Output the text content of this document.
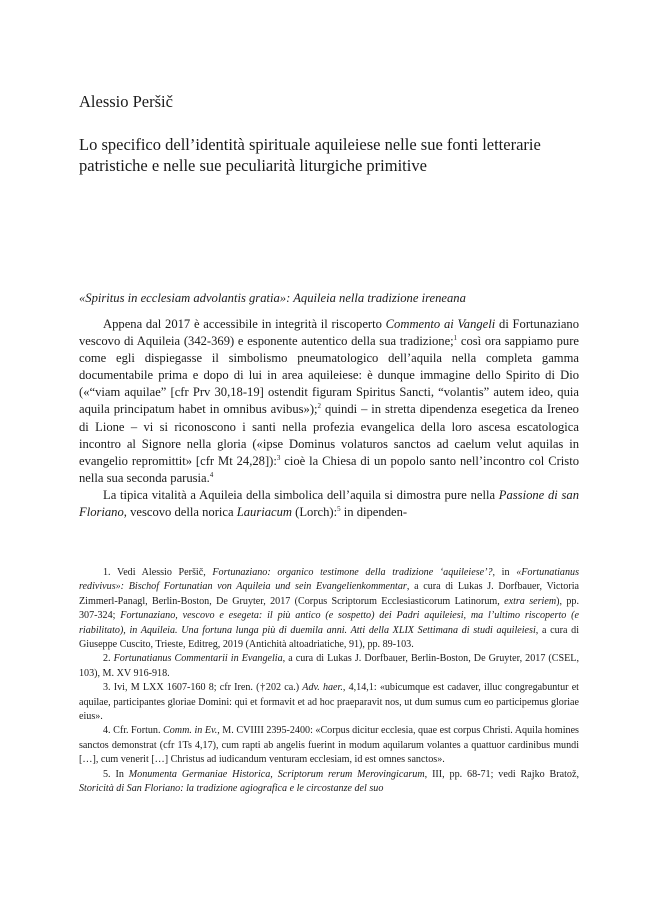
Alessio Peršič
Lo specifico dell’identità spirituale aquileiese nelle sue fonti letterarie patristiche e nelle sue peculiarità liturgiche primitive
«Spiritus in ecclesiam advolantis gratia»: Aquileia nella tradizione ireneana

Appena dal 2017 è accessibile in integrità il riscoperto Commento ai Vangeli di Fortunaziano vescovo di Aquileia (342-369) e esponente autentico della sua tradizione;$^1$ così ora sappiamo pure come egli dispiegasse il simbolismo pneumatologico dell’aquila nella completa gamma documentabile prima e dopo di lui in area aquileiese: è dunque immagine dello Spirito di Dio («“viam aquilae” [cfr Prv 30,18-19] ostendit figuram Spiritus Sancti, “volantis” autem ideo, quia aquila principatum habet in omnibus avibus»);$^2$ quindi – in stretta dipendenza esegetica da Ireneo di Lione – vi si riconoscono i santi nella profezia evangelica della loro ascesa escatologica incontro al Signore nella gloria («ipse Dominus volaturos sanctos ad caelum velut aquilas in evangelio repromittit» [cfr Mt 24,28]):$^3$ cioè la Chiesa di un popolo santo nell’incontro col Cristo nella sua seconda parusia.$^4$

La tipica vitalità a Aquileia della simbolica dell’aquila si dimostra pure nella Passione di san Floriano, vescovo della norica Lauriacum (Lorch):$^5$ in dipenden-

1. Vedi Alessio Peršič, Fortunaziano: organico testimone della tradizione ‘aquileiese’?, in «Fortunatianus redivivus»: Bischof Fortunatian von Aquileia und sein Evangelienkommentar, a cura di Lukas J. Dorfbauer, Victoria Zimmerl-Panagl, Berlin-Boston, De Gruyter, 2017 (Corpus Scriptorum Ecclesiasticorum Latinorum, extra seriem), pp. 307-324; Fortunaziano, vescovo e esegeta: il più antico (e sospetto) dei Padri aquileiesi, ma l’ultimo riscoperto (e riabilitato), in Aquileia. Una fortuna lunga più di duemila anni. Atti della XLIX Settimana di studi aquileiesi, a cura di Giuseppe Cuscito, Trieste, Editreg, 2019 (Antichità altoadriatiche, 91), pp. 89-103.

2. Fortunatianus Commentarii in Evangelia, a cura di Lukas J. Dorfbauer, Berlin-Boston, De Gruyter, 2017 (CSEL, 103), M. XV 916-918.

3. Ivi, M LXX 1607-160 8; cfr Iren. (†202 ca.) Adv. haer., 4,14,1: «ubicumque est cadaver, illuc congregabuntur et aquilae, participantes gloriae Domini: qui et formavit et ad hoc praeparavit nos, ut dum sumus cum eo participemus gloriae eius».

4. Cfr. Fortun. Comm. in Ev., M. CVIIII 2395-2400: «Corpus dicitur ecclesia, quae est corpus Christi. Aquila homines sanctos demonstrat (cfr 1Ts 4,17), cum rapti ab angelis fuerint in modum aquilarum volantes a quattuor cardinibus mundi […], cum venerit […] Christus ad iudicandum venturam ecclesiam, id est omnes sanctos».

5. In Monumenta Germaniae Historica, Scriptorum rerum Merovingicarum, III, pp. 68-71; vedi Rajko Bratož, Storicità di San Floriano: la tradizione agiografica e le circostanze del suo
